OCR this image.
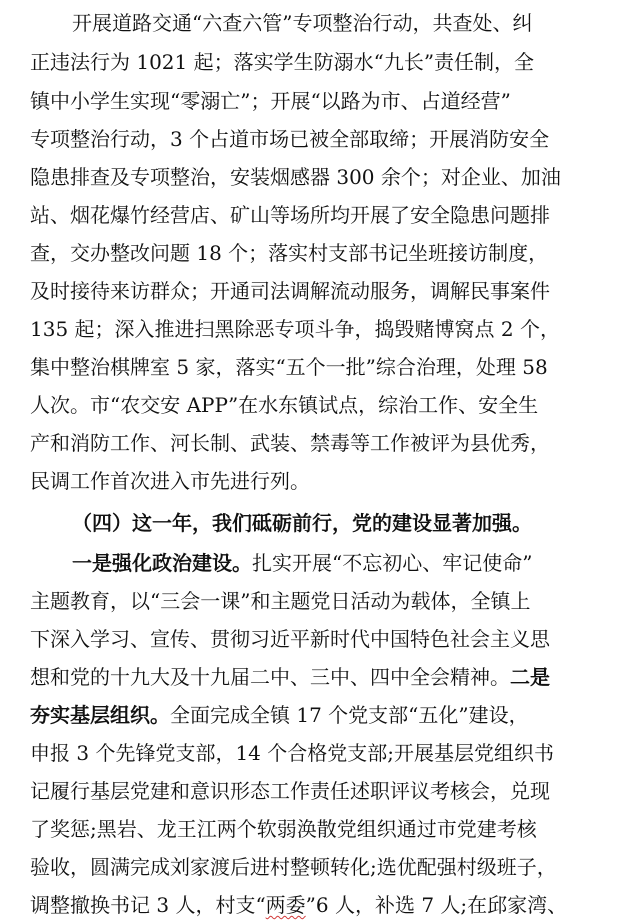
开展道路交通“六查六管”专项整治行动，共查处、纠
正违法行为 1021 起；落实学生防溺水“九长”责任制，全
镇中小学生实现“零溺亡”；开展“以路为市、占道经营”
专项整治行动，3 个占道市场已被全部取缔；开展消防安全
隐患排查及专项整治，安装烟感器 300 余个；对企业、加油
站、烟花爆竹经营店、矿山等场所均开展了安全隐患问题排
查，交办整改问题 18 个；落实村支部书记坐班接访制度，
及时接待来访群众；开通司法调解流动服务，调解民事案件
135 起；深入推进扫黑除恶专项斗争，捣毁赌博窝点 2 个，
集中整治棋牌室 5 家，落实“五个一批”综合治理，处理 58
人次。市“农交安 APP”在水东镇试点，综治工作、安全生
产和消防工作、河长制、武装、禁毒等工作被评为县优秀，
民调工作首次进入市先进行列。
（四）这一年，我们砥砺前行，党的建设显著加强。
一是强化政治建设。扎实开展“不忘初心、牢记使命”
主题教育，以“三会一课”和主题党日活动为载体，全镇上
下深入学习、宣传、贯彻习近平新时代中国特色社会主义思
想和党的十九大及十九届二中、三中、四中全会精神。二是
夯实基层组织。全面完成全镇 17 个党支部“五化”建设，
申报 3 个先锋党支部，14 个合格党支部;开展基层党组织书
记履行基层党建和意识形态工作责任述职评议考核会，兑现
了奖惩;黑岩、龙王江两个软弱涣散党组织通过市党建考核
验收，圆满完成刘家渡后进村整顿转化;选优配强村级班子，
调整撤换书记 3 人，村支“两委”6 人，补选 7 人;在邱家湾、
